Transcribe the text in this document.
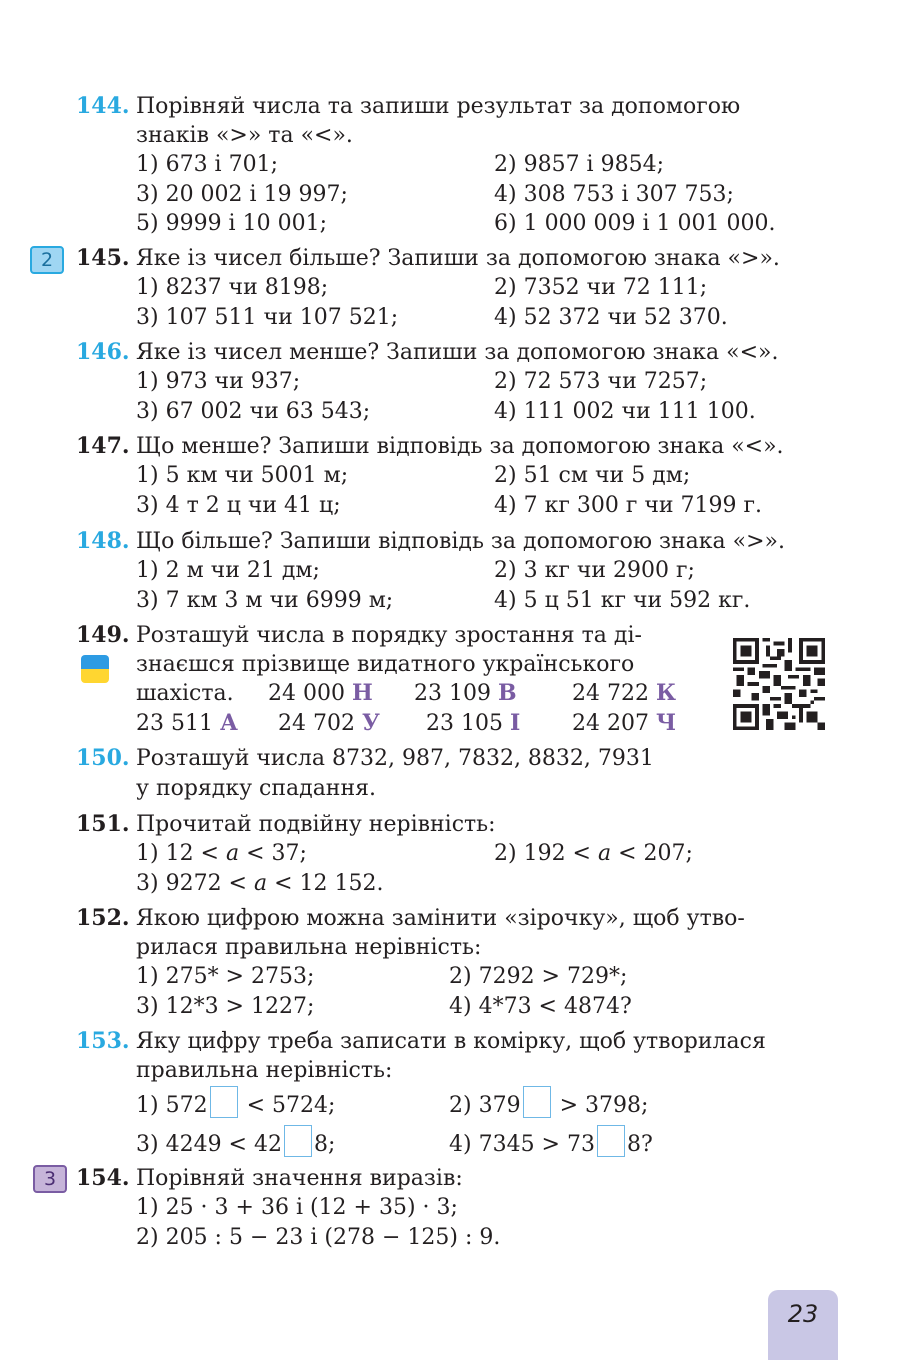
144. Порівняй числа та запиши результат за допомогою
знаків «>» та «<».
1) 673 і 701;	2) 9857 і 9854;
3) 20 002 і 19 997;	4) 308 753 і 307 753;
5) 9999 і 10 001;	6) 1 000 009 і 1 001 000.
2	145. Яке із чисел більше? Запиши за допомогою знака «>».
1) 8237 чи 8198;	2) 7352 чи 72 111;
3) 107 511 чи 107 521;	4) 52 372 чи 52 370.
146. Яке із чисел менше? Запиши за допомогою знака «<».
1) 973 чи 937;	2) 72 573 чи 7257;
3) 67 002 чи 63 543;	4) 111 002 чи 111 100.
147. Що менше? Запиши відповідь за допомогою знака «<».
1) 5 км чи 5001 м;	2) 51 см чи 5 дм;
3) 4 т 2 ц чи 41 ц;	4) 7 кг 300 г чи 7199 г.
148. Що більше? Запиши відповідь за допомогою знака «>».
1) 2 м чи 21 дм;	2) 3 кг чи 2900 г;
3) 7 км 3 м чи 6999 м;	4) 5 ц 51 кг чи 592 кг.
149. Розташуй числа в порядку зростання та ді-
знаєшся прізвище видатного українського
шахіста.	24 000 Н	23 109 В	24 722 К
23 511 А	24 702 У	23 105 І	24 207 Ч
150. Розташуй числа 8732, 987, 7832, 8832, 7931
у порядку спадання.
151. Прочитай подвійну нерівність:
1) 12 < a < 37;	2) 192 < a < 207;
3) 9272 < a < 12 152.
152. Якою цифрою можна замінити «зірочку», щоб утво-
рилася правильна нерівність:
1) 275* > 2753;	2) 7292 > 729*;
3) 12*3 > 1227;	4) 4*73 < 4874?
153. Яку цифру треба записати в комірку, щоб утворилася
правильна нерівність:
1) 572 < 5724;	2) 379 > 3798;
3) 4249 < 42 8;	4) 7345 > 73 8?
3 154. Порівняй значення виразів:
1) 25 · 3 + 36 і (12 + 35) · 3;
2) 205 : 5 − 23 і (278 − 125) : 9.
23
